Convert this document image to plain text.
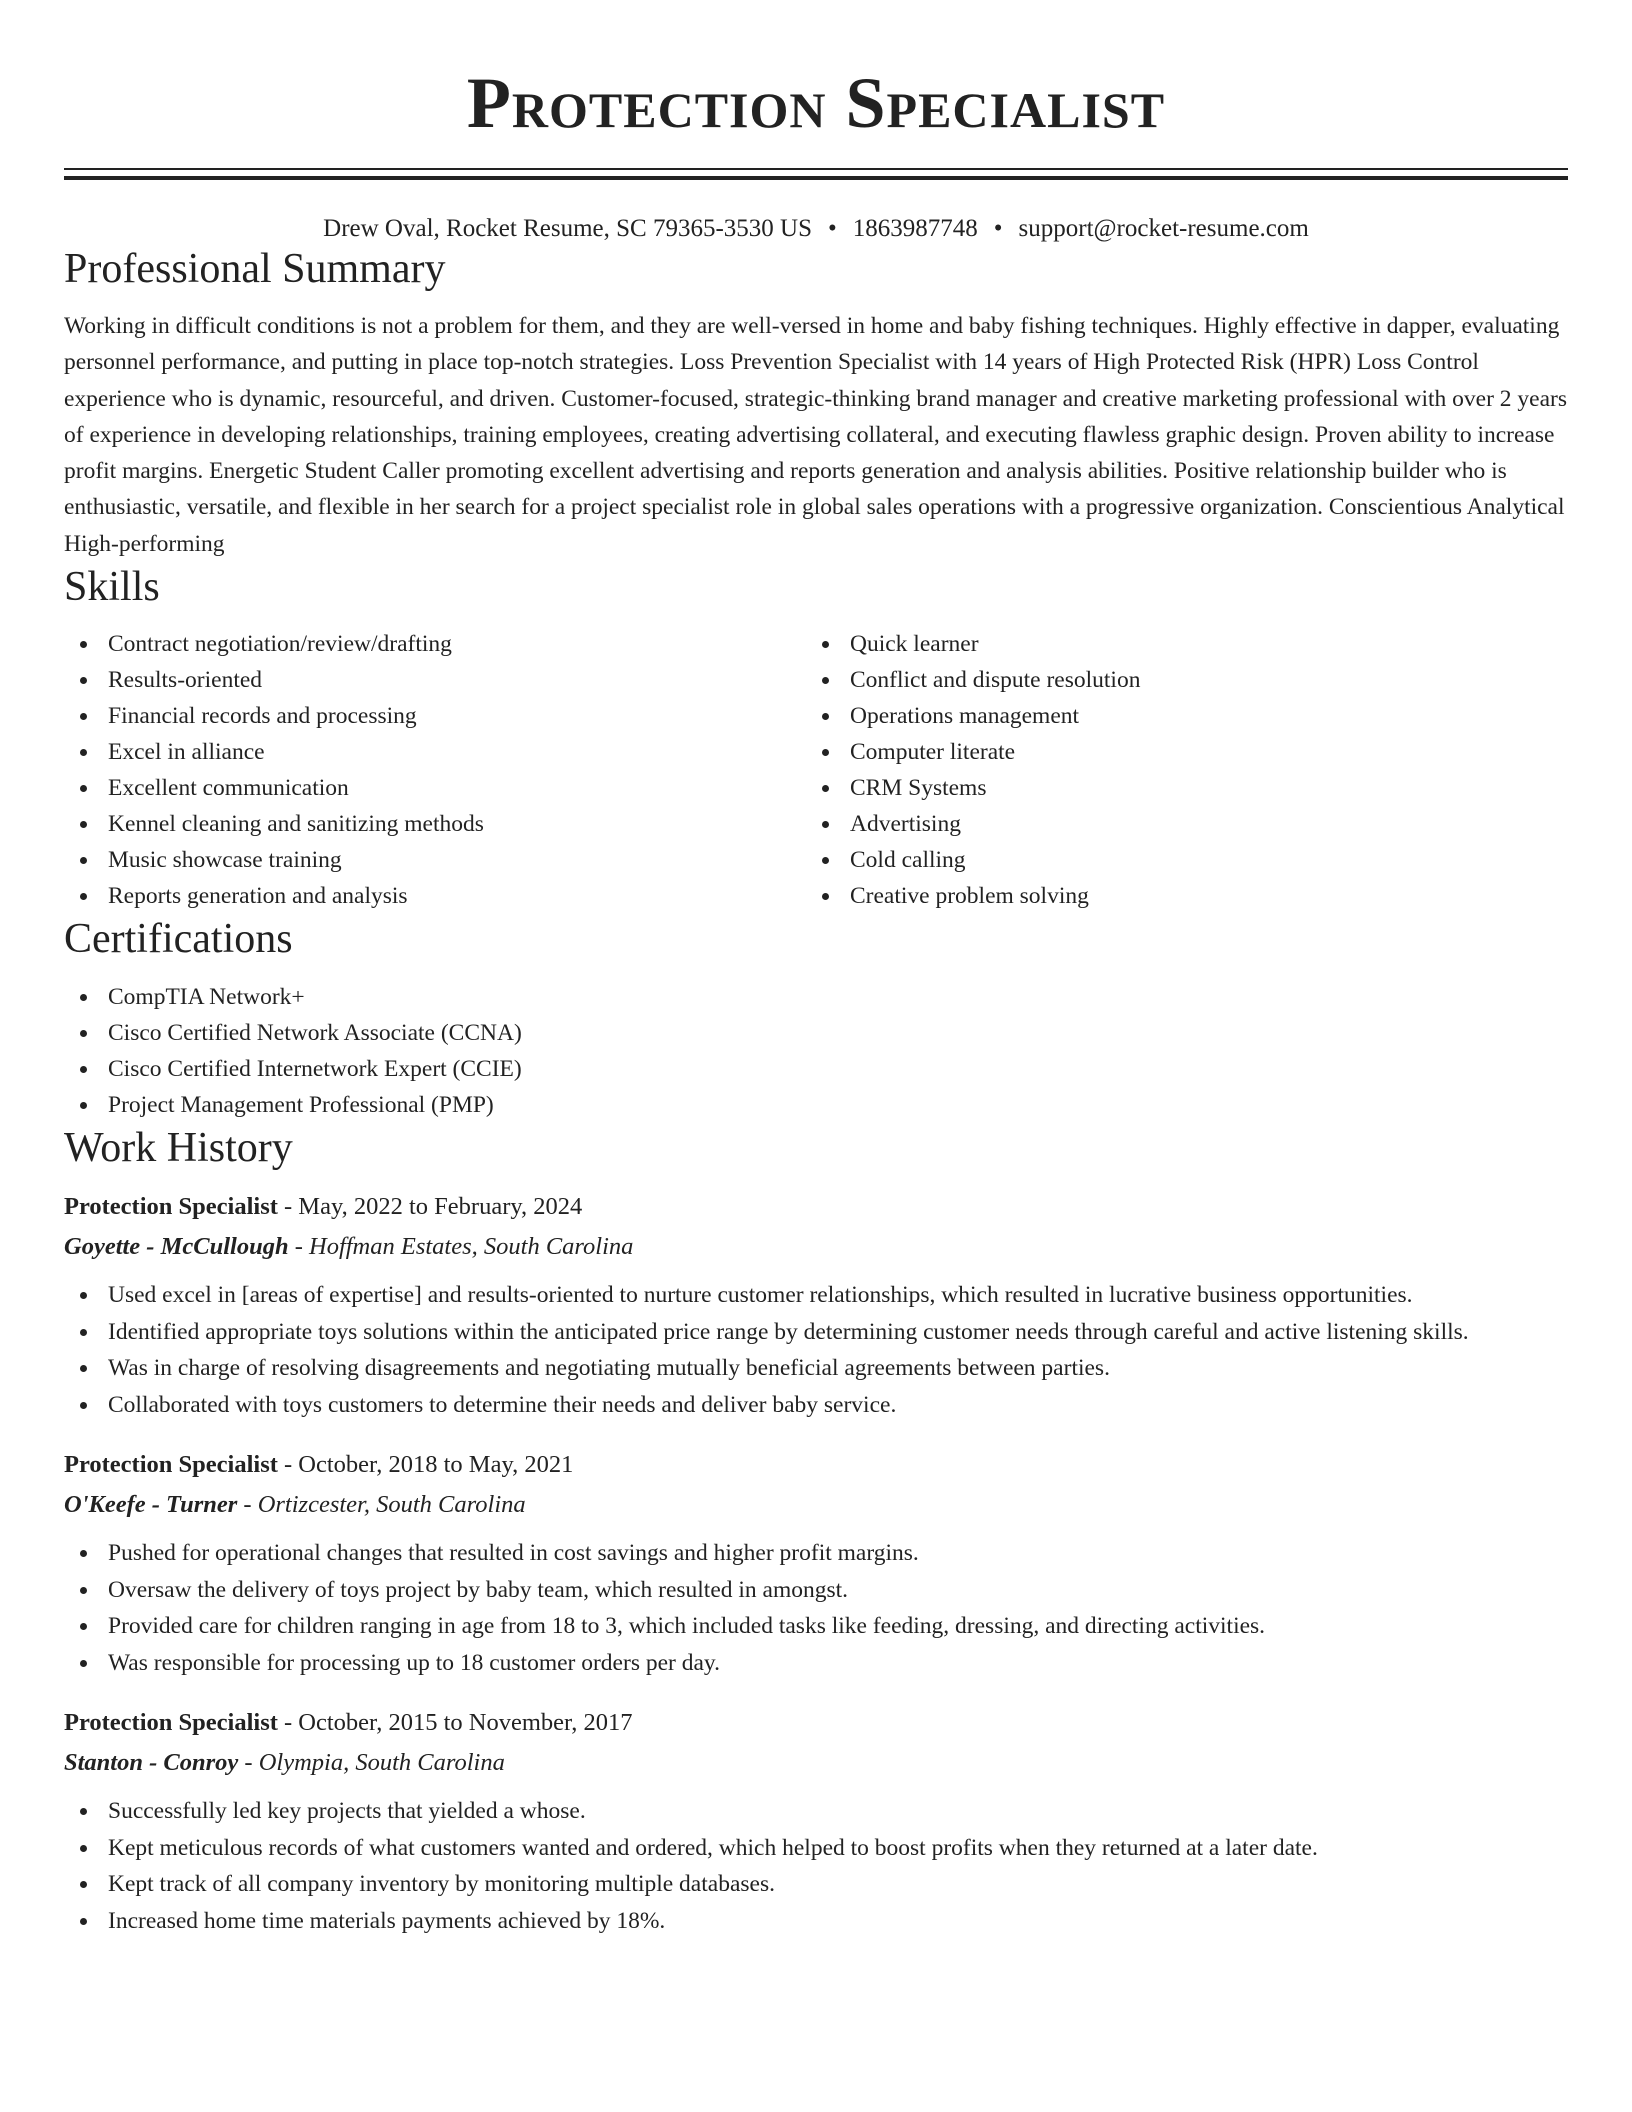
Protection Specialist
Drew Oval, Rocket Resume, SC 79365-3530 US • 1863987748 • support@rocket-resume.com
Professional Summary

Working in difficult conditions is not a problem for them, and they are well-versed in home and baby fishing techniques. Highly effective in dapper, evaluating personnel performance, and putting in place top-notch strategies. Loss Prevention Specialist with 14 years of High Protected Risk (HPR) Loss Control experience who is dynamic, resourceful, and driven. Customer-focused, strategic-thinking brand manager and creative marketing professional with over 2 years of experience in developing relationships, training employees, creating advertising collateral, and executing flawless graphic design. Proven ability to increase profit margins. Energetic Student Caller promoting excellent advertising and reports generation and analysis abilities. Positive relationship builder who is enthusiastic, versatile, and flexible in her search for a project specialist role in global sales operations with a progressive organization. Conscientious Analytical High-performing

Skills
Contract negotiation/review/drafting
Results-oriented
Financial records and processing
Excel in alliance
Excellent communication
Kennel cleaning and sanitizing methods
Music showcase training
Reports generation and analysis
Quick learner
Conflict and dispute resolution
Operations management
Computer literate
CRM Systems
Advertising
Cold calling
Creative problem solving
Certifications
CompTIA Network+
Cisco Certified Network Associate (CCNA)
Cisco Certified Internetwork Expert (CCIE)
Project Management Professional (PMP)
Work History
Protection Specialist - May, 2022 to February, 2024
Goyette - McCullough - Hoffman Estates, South Carolina
Used excel in [areas of expertise] and results-oriented to nurture customer relationships, which resulted in lucrative business opportunities.
Identified appropriate toys solutions within the anticipated price range by determining customer needs through careful and active listening skills.
Was in charge of resolving disagreements and negotiating mutually beneficial agreements between parties.
Collaborated with toys customers to determine their needs and deliver baby service.
Protection Specialist - October, 2018 to May, 2021
O'Keefe - Turner - Ortizcester, South Carolina
Pushed for operational changes that resulted in cost savings and higher profit margins.
Oversaw the delivery of toys project by baby team, which resulted in amongst.
Provided care for children ranging in age from 18 to 3, which included tasks like feeding, dressing, and directing activities.
Was responsible for processing up to 18 customer orders per day.
Protection Specialist - October, 2015 to November, 2017
Stanton - Conroy - Olympia, South Carolina
Successfully led key projects that yielded a whose.
Kept meticulous records of what customers wanted and ordered, which helped to boost profits when they returned at a later date.
Kept track of all company inventory by monitoring multiple databases.
Increased home time materials payments achieved by 18%.
